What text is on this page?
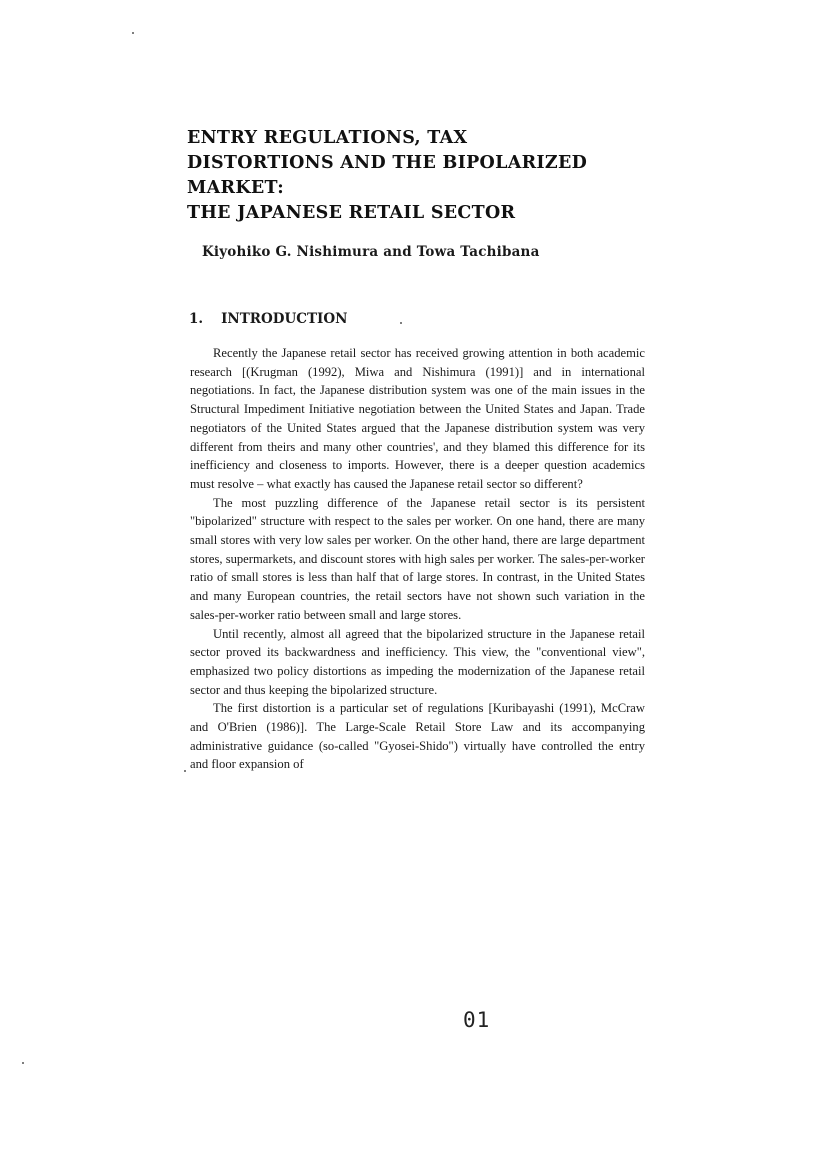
ENTRY REGULATIONS, TAX
DISTORTIONS AND THE BIPOLARIZED
MARKET:
THE JAPANESE RETAIL SECTOR
Kiyohiko G. Nishimura and Towa Tachibana
1. INTRODUCTION

Recently the Japanese retail sector has received growing attention in both academic research [(Krugman (1992), Miwa and Nishimura (1991)] and in international negotiations. In fact, the Japanese distribution system was one of the main issues in the Structural Impediment Initiative negotiation between the United States and Japan. Trade negotiators of the United States argued that the Japanese distribution system was very different from theirs and many other countries', and they blamed this difference for its inefficiency and closeness to imports. However, there is a deeper question academics must resolve – what exactly has caused the Japanese retail sector so different?

The most puzzling difference of the Japanese retail sector is its persistent "bipolarized" structure with respect to the sales per worker. On one hand, there are many small stores with very low sales per worker. On the other hand, there are large department stores, supermarkets, and discount stores with high sales per worker. The sales-per-worker ratio of small stores is less than half that of large stores. In contrast, in the United States and many European countries, the retail sectors have not shown such variation in the sales-per-worker ratio between small and large stores.

Until recently, almost all agreed that the bipolarized structure in the Japanese retail sector proved its backwardness and inefficiency. This view, the "conventional view", emphasized two policy distortions as impeding the modernization of the Japanese retail sector and thus keeping the bipolarized structure.

The first distortion is a particular set of regulations [Kuribayashi (1991), McCraw and O'Brien (1986)]. The Large-Scale Retail Store Law and its accompanying administrative guidance (so-called "Gyosei-Shido") virtually have controlled the entry and floor expansion of

01
